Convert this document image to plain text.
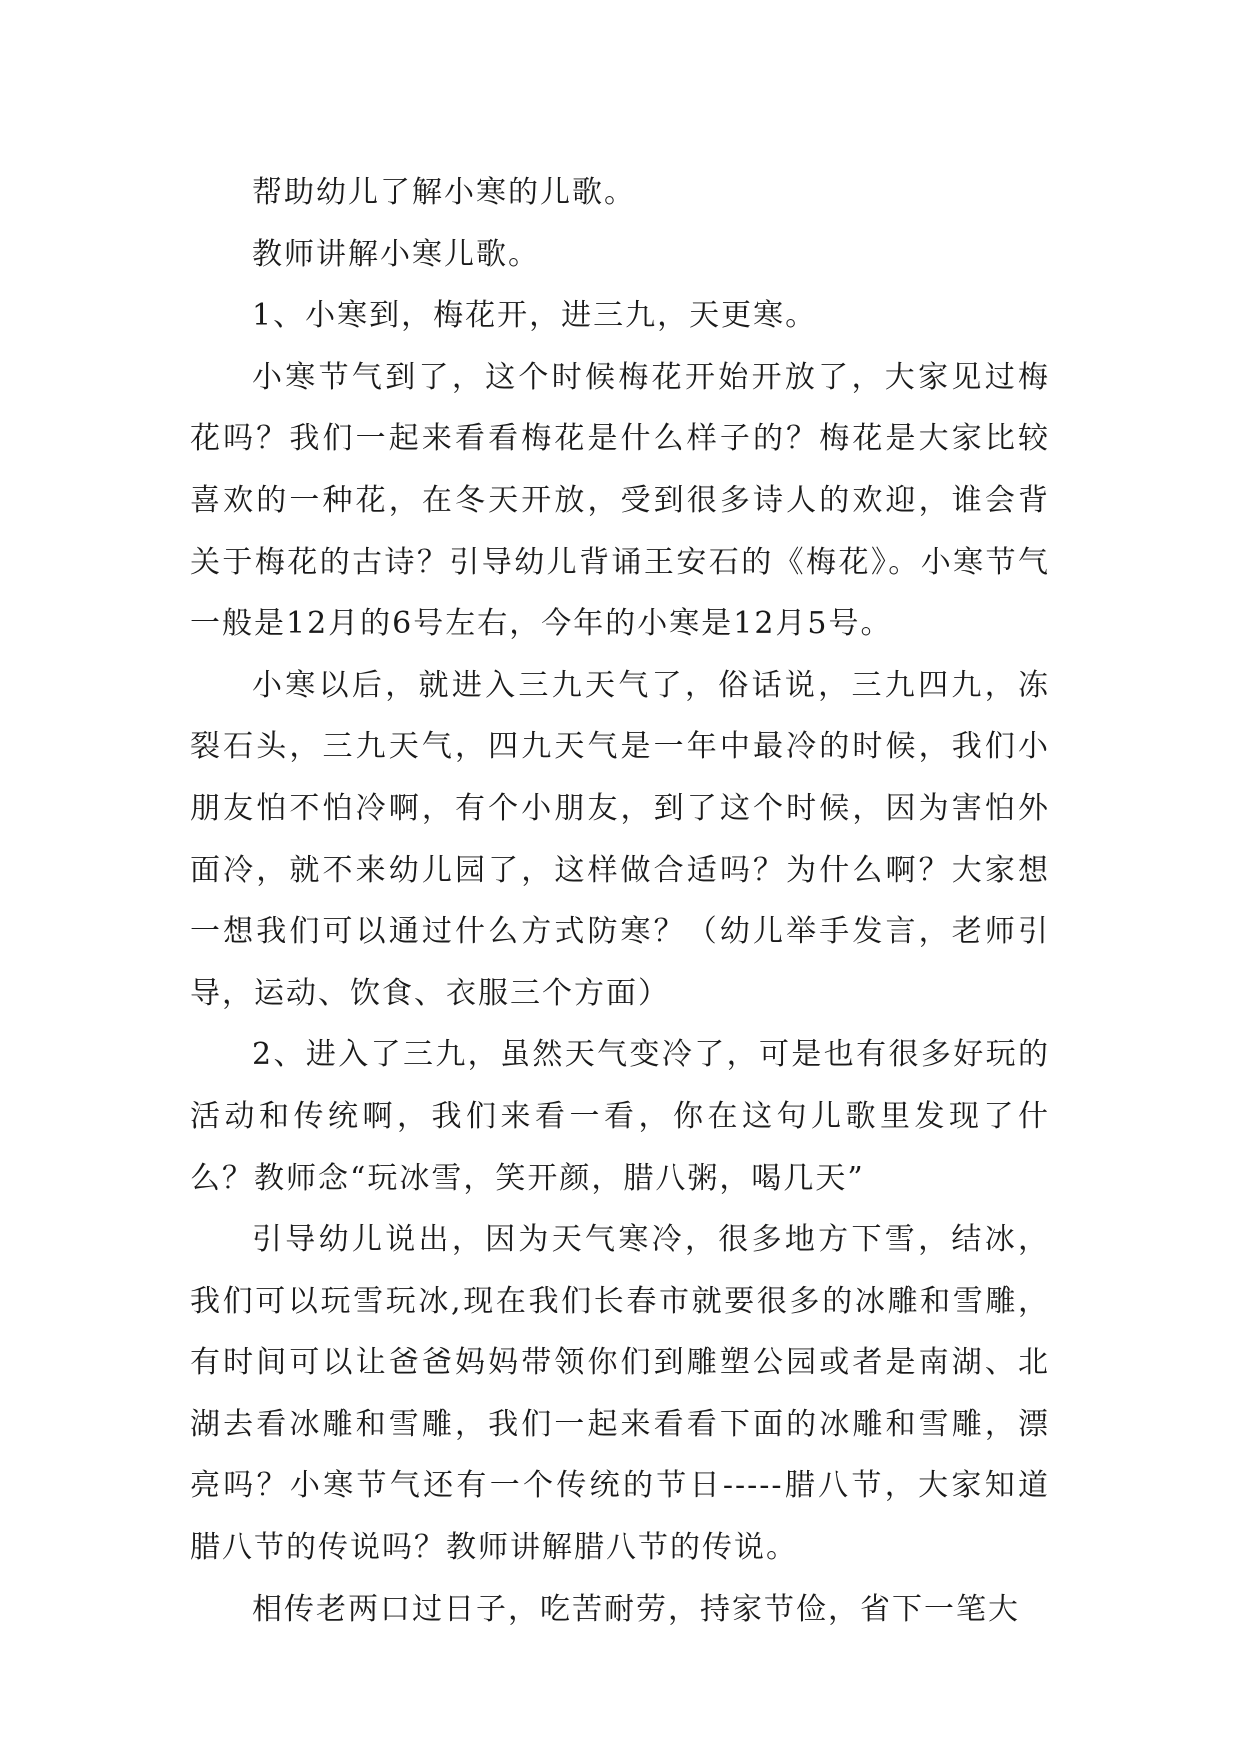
帮助幼儿了解小寒的儿歌。

教师讲解小寒儿歌。

1、小寒到，梅花开，进三九，天更寒。

小寒节气到了，这个时候梅花开始开放了，大家见过梅花吗？我们一起来看看梅花是什么样子的？梅花是大家比较喜欢的一种花，在冬天开放，受到很多诗人的欢迎，谁会背关于梅花的古诗？引导幼儿背诵王安石的《梅花》。小寒节气一般是12月的6号左右，今年的小寒是12月5号。

小寒以后，就进入三九天气了，俗话说，三九四九，冻裂石头，三九天气，四九天气是一年中最冷的时候，我们小朋友怕不怕冷啊，有个小朋友，到了这个时候，因为害怕外面冷，就不来幼儿园了，这样做合适吗？为什么啊？大家想一想我们可以通过什么方式防寒？（幼儿举手发言，老师引导，运动、饮食、衣服三个方面）

2、进入了三九，虽然天气变冷了，可是也有很多好玩的活动和传统啊，我们来看一看，你在这句儿歌里发现了什么？教师念“玩冰雪，笑开颜，腊八粥，喝几天”

引导幼儿说出，因为天气寒冷，很多地方下雪，结冰，我们可以玩雪玩冰,现在我们长春市就要很多的冰雕和雪雕，有时间可以让爸爸妈妈带领你们到雕塑公园或者是南湖、北湖去看冰雕和雪雕，我们一起来看看下面的冰雕和雪雕，漂亮吗？小寒节气还有一个传统的节日-----腊八节，大家知道腊八节的传说吗？教师讲解腊八节的传说。

相传老两口过日子，吃苦耐劳，持家节俭，省下一笔大
